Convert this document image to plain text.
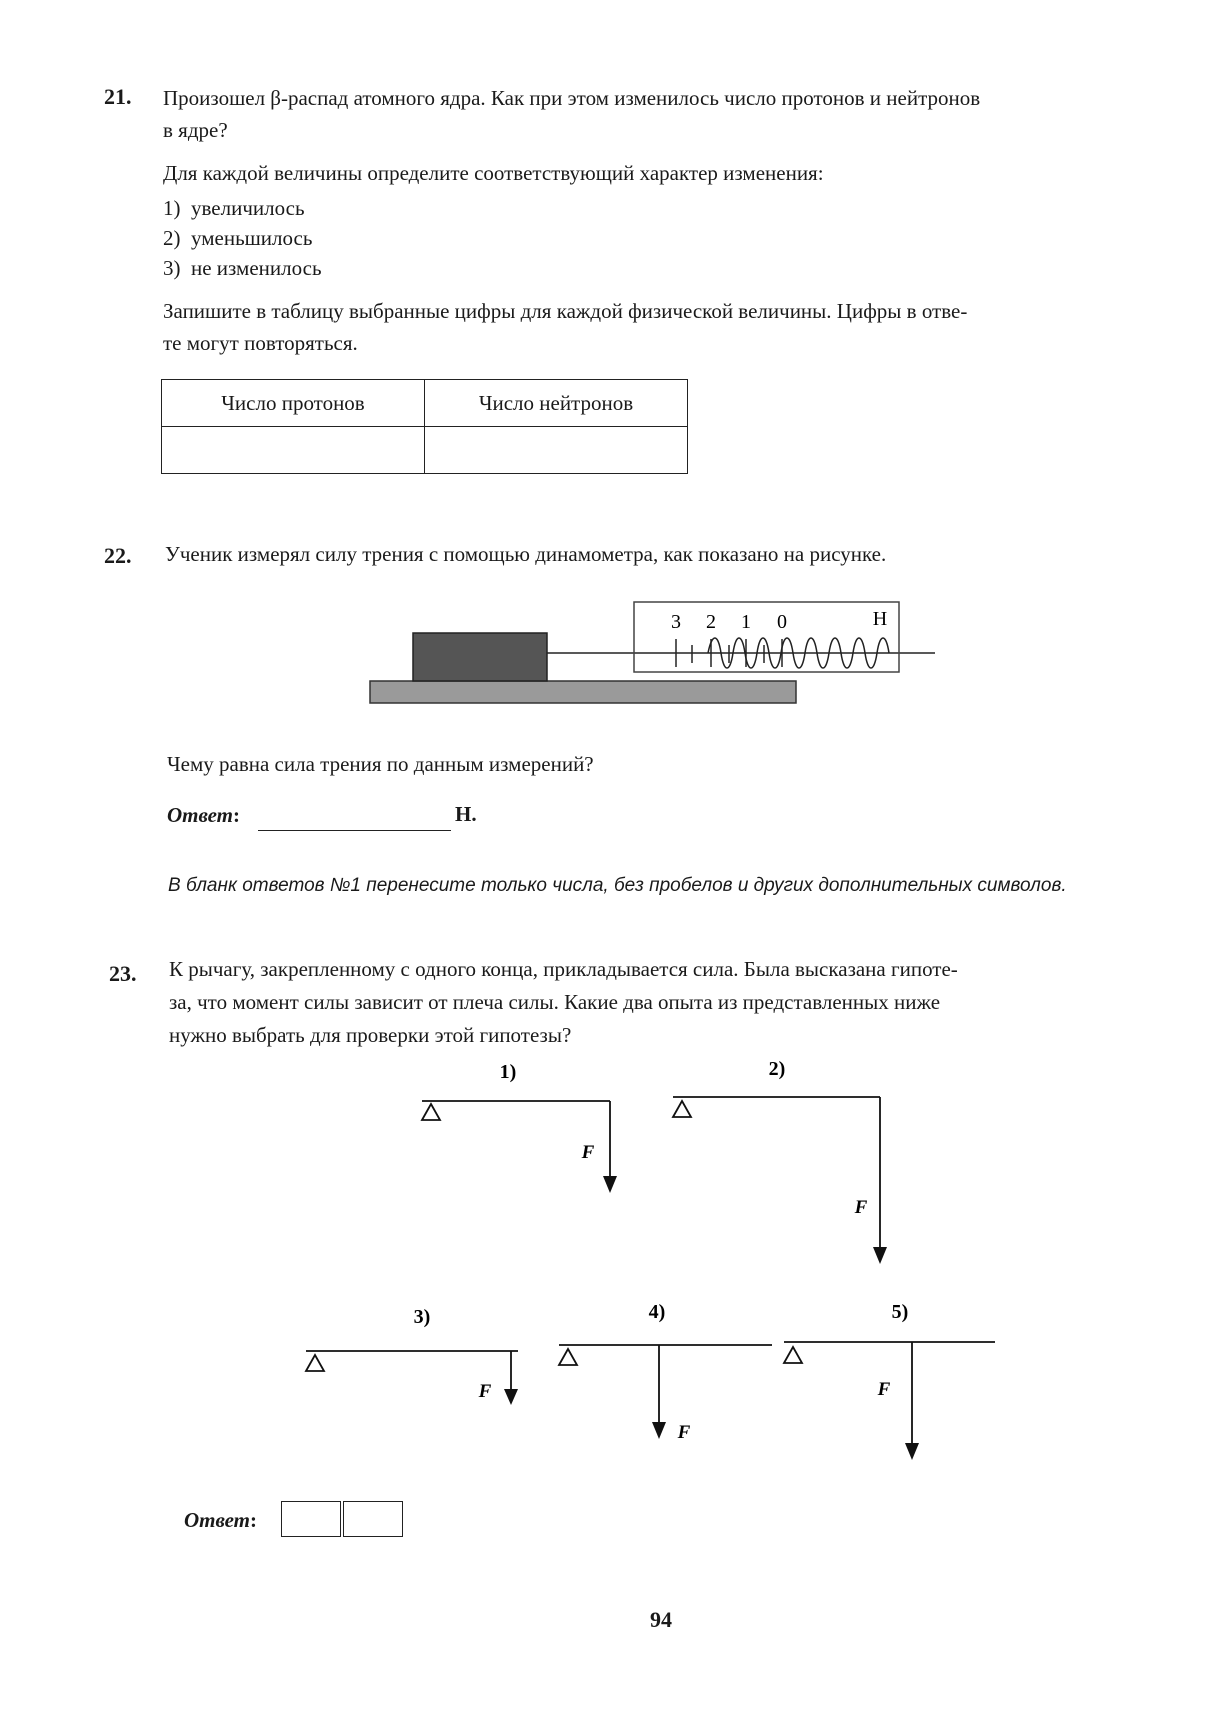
21. Произошел β-распад атомного ядра. Как при этом изменилось число протонов и нейтронов
в ядре?
Для каждой величины определите соответствующий характер изменения:
1)  увеличилось
2)  уменьшилось
3)  не изменилось
Запишите в таблицу выбранные цифры для каждой физической величины. Цифры в отве-
те могут повторяться.
Число протонов	Число нейтронов

22. Ученик измерял силу трения с помощью динамометра, как показано на рисунке.
3 2 1 0	Н
Чему равна сила трения по данным измерений?
Ответ:	Н.
В бланк ответов №1 перенесите только числа, без пробелов и других дополнительных символов.
23. К рычагу, закрепленному с одного конца, прикладывается сила. Была высказана гипоте-
за, что момент силы зависит от плеча силы. Какие два опыта из представленных ниже
нужно выбрать для проверки этой гипотезы?
1)
F
2)
F
3)
F
4)
F
5)
F
Ответ:
94
